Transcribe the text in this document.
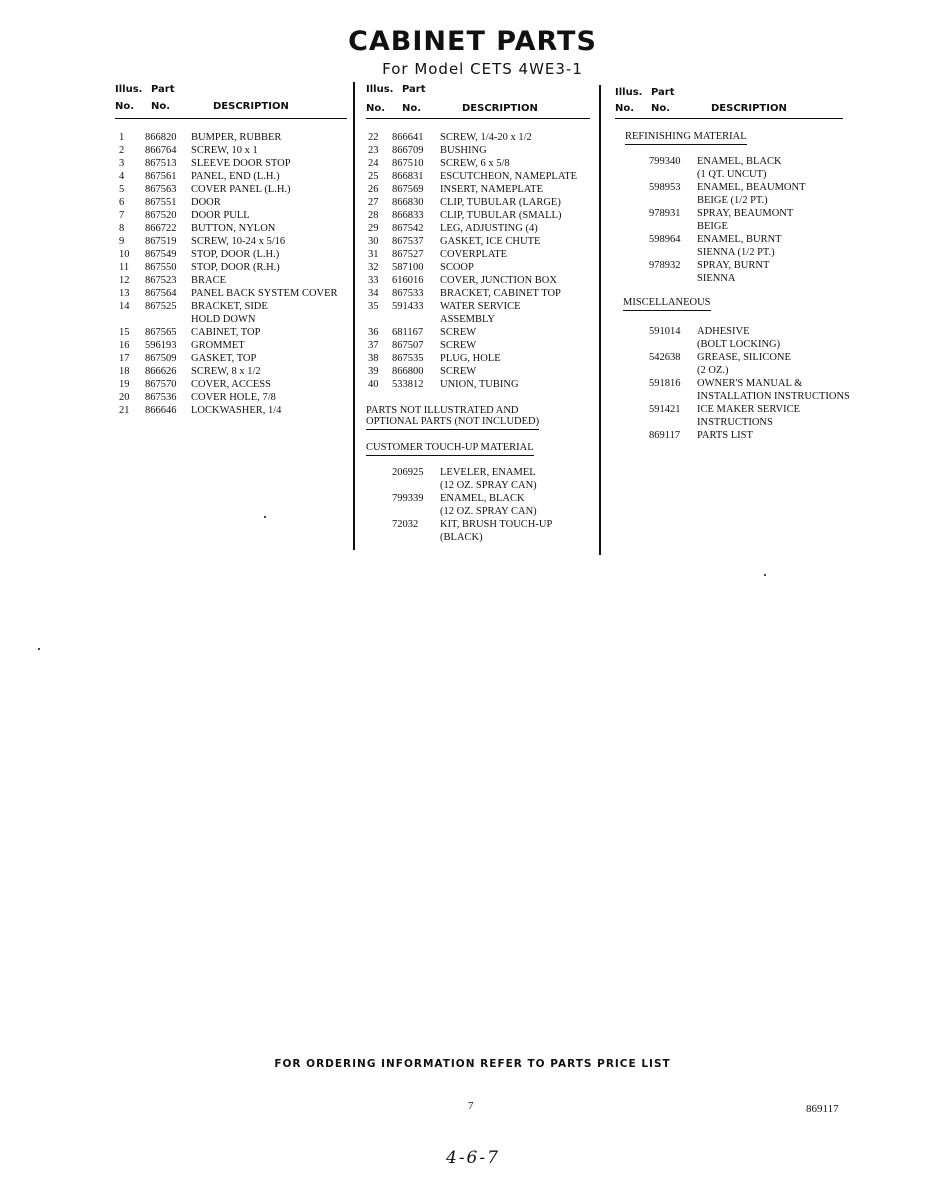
CABINET PARTS
For Model CETS 4WE3-1
Illus. Part
No. No.	DESCRIPTION
1 866820 BUMPER, RUBBER
2 866764 SCREW, 10 x 1
3 867513 SLEEVE DOOR STOP
4 867561 PANEL, END (L.H.)
5 867563 COVER PANEL (L.H.)
6 867551 DOOR
7 867520 DOOR PULL
8 866722 BUTTON, NYLON
9 867519 SCREW, 10-24 x 5/16
10 867549 STOP, DOOR (L.H.)
11 867550 STOP, DOOR (R.H.)
12 867523 BRACE
13 867564 PANEL BACK SYSTEM COVER
14 867525 BRACKET, SIDE
HOLD DOWN
15 867565 CABINET, TOP
16 596193 GROMMET
17 867509 GASKET, TOP
18 866626 SCREW, 8 x 1/2
19 867570 COVER, ACCESS
20 867536 COVER HOLE, 7/8
21 866646 LOCKWASHER, 1/4
Illus. Part
No. No.	DESCRIPTION
22 866641 SCREW, 1/4-20 x 1/2
23 866709 BUSHING
24 867510 SCREW, 6 x 5/8
25 866831 ESCUTCHEON, NAMEPLATE
26 867569 INSERT, NAMEPLATE
27 866830 CLIP, TUBULAR (LARGE)
28 866833 CLIP, TUBULAR (SMALL)
29 867542 LEG, ADJUSTING (4)
30 867537 GASKET, ICE CHUTE
31 867527 COVERPLATE
32 587100 SCOOP
33 616016 COVER, JUNCTION BOX
34 867533 BRACKET, CABINET TOP
35 591433 WATER SERVICE
ASSEMBLY
36 681167 SCREW
37 867507 SCREW
38 867535 PLUG, HOLE
39 866800 SCREW
40 533812 UNION, TUBING
PARTS NOT ILLUSTRATED AND
OPTIONAL PARTS (NOT INCLUDED)
CUSTOMER TOUCH-UP MATERIAL
206925 LEVELER, ENAMEL
(12 OZ. SPRAY CAN)
799339 ENAMEL, BLACK
(12 OZ. SPRAY CAN)
72032 KIT, BRUSH TOUCH-UP
(BLACK)
Illus. Part
No. No.	DESCRIPTION
REFINISHING MATERIAL
799340 ENAMEL, BLACK
(1 QT. UNCUT)
598953 ENAMEL, BEAUMONT
BEIGE (1/2 PT.)
978931 SPRAY, BEAUMONT
BEIGE
598964 ENAMEL, BURNT
SIENNA (1/2 PT.)
978932 SPRAY, BURNT
SIENNA
MISCELLANEOUS
591014 ADHESIVE
(BOLT LOCKING)
542638 GREASE, SILICONE
(2 OZ.)
591816 OWNER'S MANUAL &
INSTALLATION INSTRUCTIONS
591421 ICE MAKER SERVICE
INSTRUCTIONS
869117 PARTS LIST
FOR ORDERING INFORMATION REFER TO PARTS PRICE LIST
7	869117
4-6-7
